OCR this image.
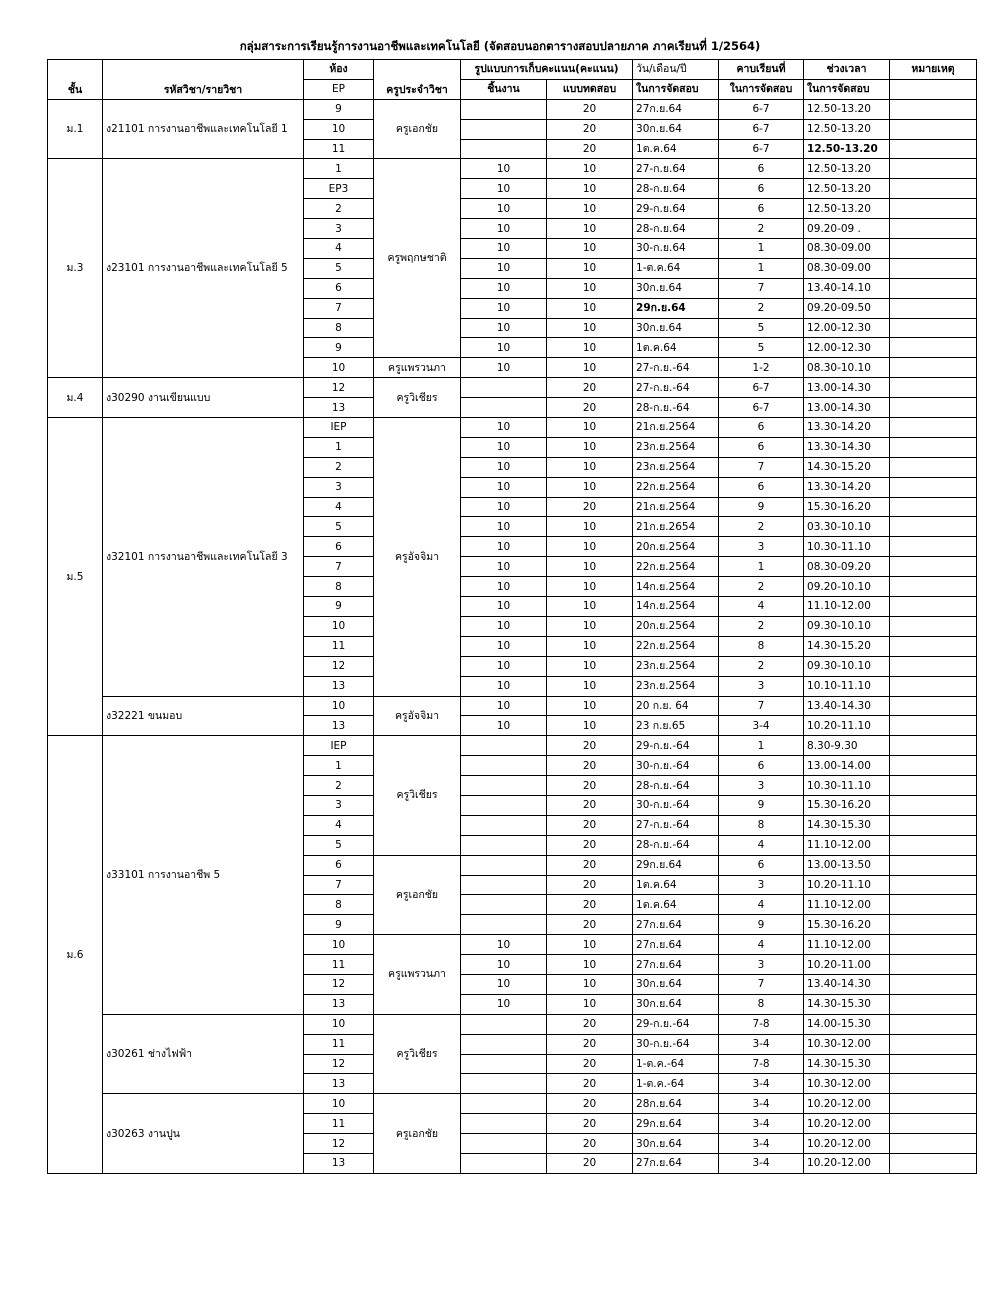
กลุ่มสาระการเรียนรู้การงานอาชีพและเทคโนโลยี (จัดสอบนอกตารางสอบปลายภาค ภาคเรียนที่ 1/2564)
ชั้น	รหัสวิชา/รายวิชา	ห้อง	ครูประจำวิชา	รูปแบบการเก็บคะแนน(คะแนน)		วัน/เดือน/ปี	คาบเรียนที่	ช่วงเวลา	หมายเหตุ
		EP		ชิ้นงาน	แบบทดสอบ	ในการจัดสอบ	ในการจัดสอบ	ในการจัดสอบ	
ม.1	ง21101 การงานอาชีพและเทคโนโลยี 1	9	ครูเอกชัย		20	27ก.ย.64	6-7	12.50-13.20	
		10			20	30ก.ย.64	6-7	12.50-13.20	
		11			20	1ต.ค.64	6-7	12.50-13.20	
ม.3	ง23101 การงานอาชีพและเทคโนโลยี 5	1	ครูพฤกษชาติ	10	10	27-ก.ย.64	6	12.50-13.20	
		EP3		10	10	28-ก.ย.64	6	12.50-13.20	
		2		10	10	29-ก.ย.64	6	12.50-13.20	
		3		10	10	28-ก.ย.64	2	09.20-09 .	
		4		10	10	30-ก.ย.64	1	08.30-09.00	
		5		10	10	1-ต.ค.64	1	08.30-09.00	
		6		10	10	30ก.ย.64	7	13.40-14.10	
		7		10	10	29ก.ย.64	2	09.20-09.50	
		8		10	10	30ก.ย.64	5	12.00-12.30	
		9		10	10	1ต.ค.64	5	12.00-12.30	
		10	ครูแพรวนภา	10	10	27-ก.ย.-64	1-2	08.30-10.10	
ม.4	ง30290 งานเขียนแบบ	12	ครูวิเชียร		20	27-ก.ย.-64	6-7	13.00-14.30	
		13			20	28-ก.ย.-64	6-7	13.00-14.30	
ม.5	ง32101 การงานอาชีพและเทคโนโลยี 3	IEP	ครูอัจจิมา	10	10	21ก.ย.2564	6	13.30-14.20	
		1		10	10	23ก.ย.2564	6	13.30-14.30	
		2		10	10	23ก.ย.2564	7	14.30-15.20	
		3		10	10	22ก.ย.2564	6	13.30-14.20	
		4		10	20	21ก.ย.2564	9	15.30-16.20	
		5		10	10	21ก.ย.2654	2	03.30-10.10	
		6		10	10	20ก.ย.2564	3	10.30-11.10	
		7		10	10	22ก.ย.2564	1	08.30-09.20	
		8		10	10	14ก.ย.2564	2	09.20-10.10	
		9		10	10	14ก.ย.2564	4	11.10-12.00	
		10		10	10	20ก.ย.2564	2	09.30-10.10	
		11		10	10	22ก.ย.2564	8	14.30-15.20	
		12		10	10	23ก.ย.2564	2	09.30-10.10	
		13		10	10	23ก.ย.2564	3	10.10-11.10	
	ง32221 ขนมอบ	10	ครูอัจจิมา	10	10	20 ก.ย. 64	7	13.40-14.30	
		13		10	10	23 ก.ย.65	3-4	10.20-11.10	
ม.6	ง33101 การงานอาชีพ 5	IEP	ครูวิเชียร		20	29-ก.ย.-64	1	8.30-9.30	
		1			20	30-ก.ย.-64	6	13.00-14.00	
		2			20	28-ก.ย.-64	3	10.30-11.10	
		3			20	30-ก.ย.-64	9	15.30-16.20	
		4			20	27-ก.ย.-64	8	14.30-15.30	
		5			20	28-ก.ย.-64	4	11.10-12.00	
		6	ครูเอกชัย		20	29ก.ย.64	6	13.00-13.50	
		7			20	1ต.ค.64	3	10.20-11.10	
		8			20	1ต.ค.64	4	11.10-12.00	
		9			20	27ก.ย.64	9	15.30-16.20	
		10	ครูแพรวนภา	10	10	27ก.ย.64	4	11.10-12.00	
		11		10	10	27ก.ย.64	3	10.20-11.00	
		12		10	10	30ก.ย.64	7	13.40-14.30	
		13		10	10	30ก.ย.64	8	14.30-15.30	
	ง30261 ช่างไฟฟ้า	10	ครูวิเชียร		20	29-ก.ย.-64	7-8	14.00-15.30	
		11			20	30-ก.ย.-64	3-4	10.30-12.00	
		12			20	1-ต.ค.-64	7-8	14.30-15.30	
		13			20	1-ต.ค.-64	3-4	10.30-12.00	
	ง30263 งานปูน	10	ครูเอกชัย		20	28ก.ย.64	3-4	10.20-12.00	
		11			20	29ก.ย.64	3-4	10.20-12.00	
		12			20	30ก.ย.64	3-4	10.20-12.00	
		13			20	27ก.ย.64	3-4	10.20-12.00	
